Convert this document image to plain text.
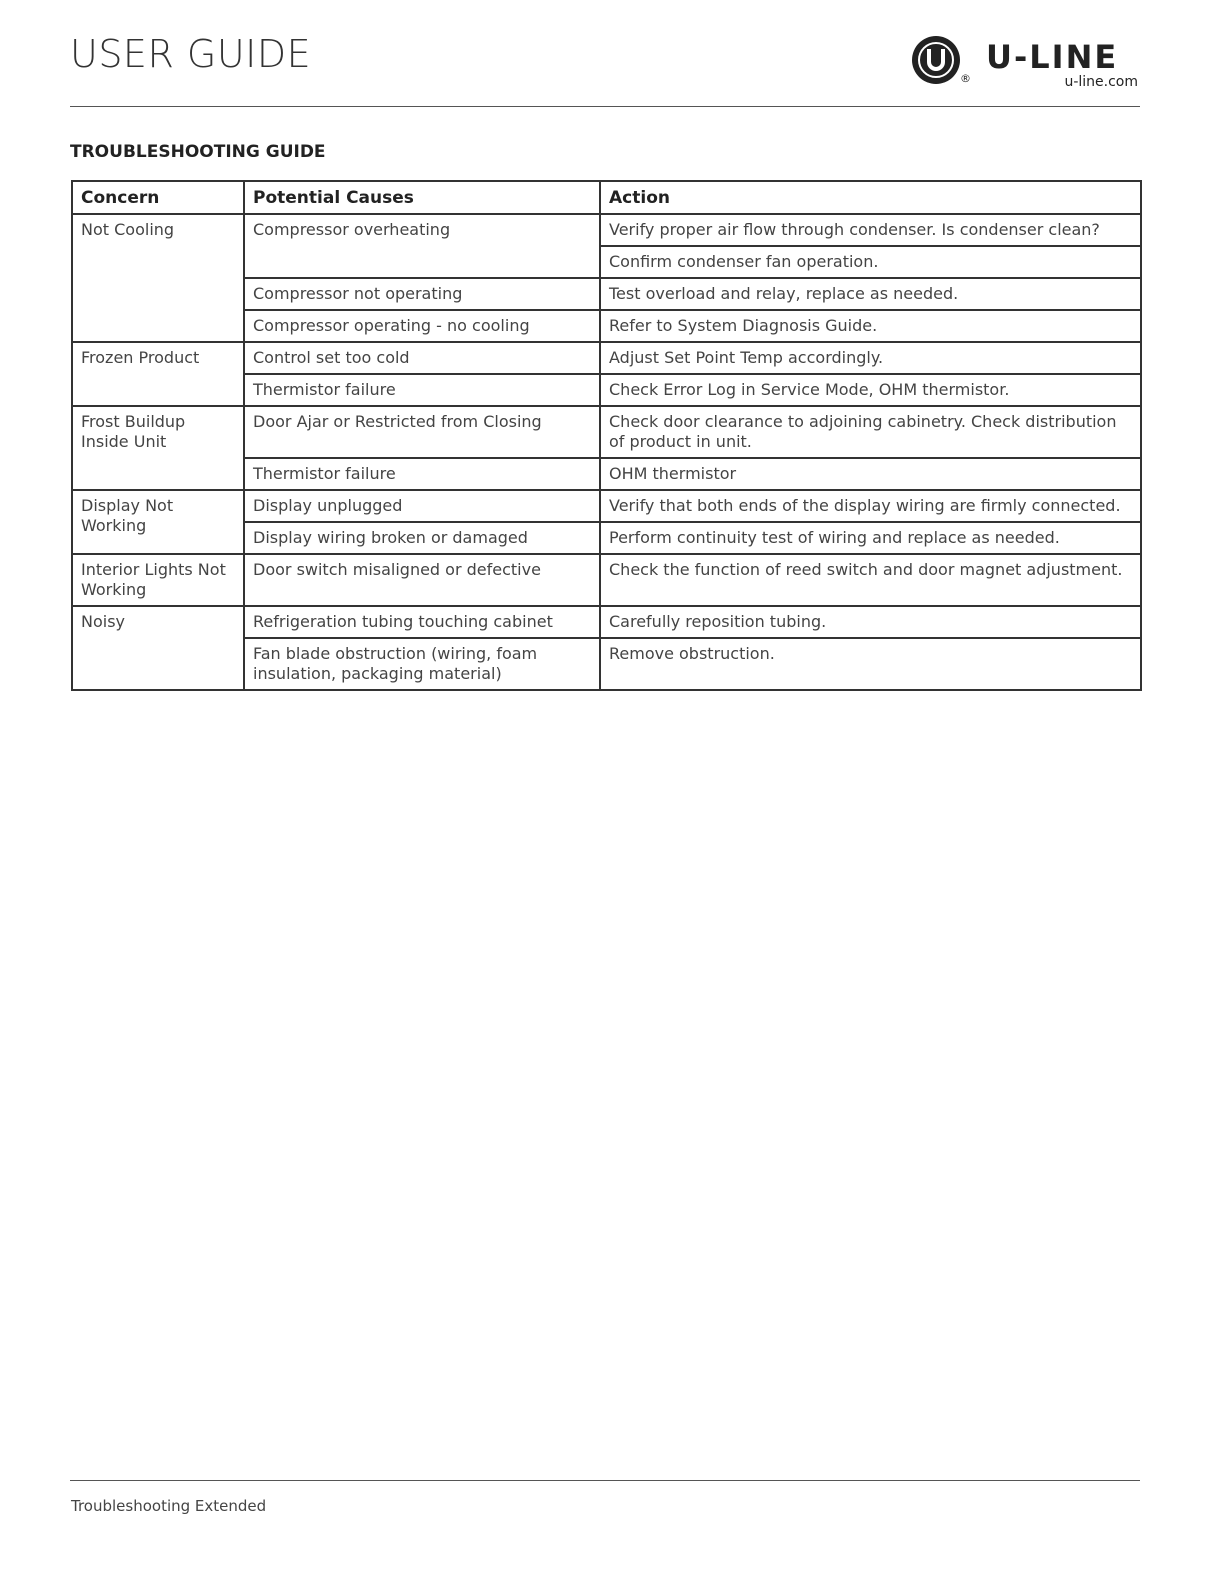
USER GUIDE
®
U-LINE
u-line.com
TROUBLESHOOTING GUIDE
Concern	Potential Causes	Action
Not Cooling	Compressor overheating	Verify proper air flow through condenser. Is condenser clean?
		Confirm condenser fan operation.
	Compressor not operating	Test overload and relay, replace as needed.
	Compressor operating - no cooling	Refer to System Diagnosis Guide.
Frozen Product	Control set too cold	Adjust Set Point Temp accordingly.
	Thermistor failure	Check Error Log in Service Mode, OHM thermistor.
Frost Buildup Inside Unit	Door Ajar or Restricted from Closing	Check door clearance to adjoining cabinetry. Check distribution of product in unit.
	Thermistor failure	OHM thermistor
Display Not Working	Display unplugged	Verify that both ends of the display wiring are firmly connected.
	Display wiring broken or damaged	Perform continuity test of wiring and replace as needed.
Interior Lights Not Working	Door switch misaligned or defective	Check the function of reed switch and door magnet adjustment.
Noisy	Refrigeration tubing touching cabinet	Carefully reposition tubing.
	Fan blade obstruction (wiring, foam insulation, packaging material)	Remove obstruction.
Troubleshooting Extended
